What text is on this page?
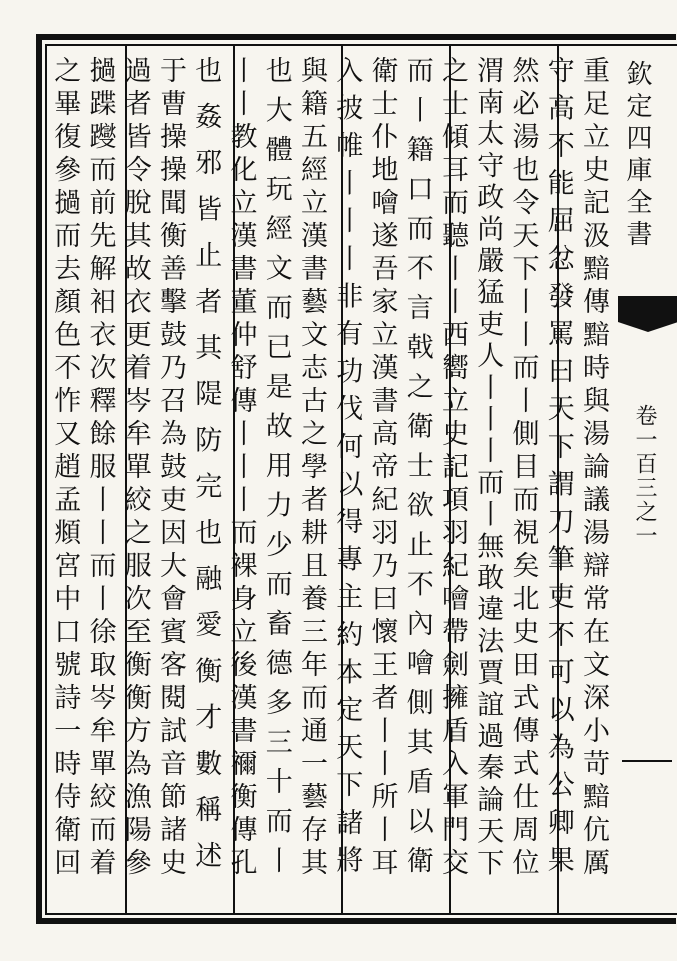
重足立史記汲黯傳黯時與湯論議湯辯常在文深小苛黯伉厲
守高不能屈忿發罵曰天下謂刀筆吏不可以為公卿果
然必湯也令天下丨丨而丨側目而視矣北史田式傳式仕周位
渭南太守政尚嚴猛吏人丨丨丨而丨無敢違法賈誼過秦論天下
之士傾耳而聽丨丨西嚮立史記項羽紀噲帶劍擁盾入軍門交
而丨籍口而不言戟之衛士欲止不內噲側其盾以衛
衛士仆地噲遂吾家立漢書高帝紀羽乃曰懷王者丨丨所丨耳
入披帷丨丨丨非有功伐何以得專主約本定天下諸將
與籍五經立漢書藝文志古之學者耕且養三年而通一藝存其
也大體玩經文而已是故用力少而畜德多三十而丨
丨丨教化立漢書董仲舒傳丨丨丨而裸身立後漢書禰衡傳孔
也姦邪皆止者其隄防完也融愛衡才數稱述
于曹操操聞衡善擊鼓乃召為鼓吏因大會賓客閱試音節諸史
過者皆令脫其故衣更着岑牟單絞之服次至衡衡方為漁陽參
撾蹀躞而前先解衵衣次釋餘服丨丨而丨徐取岑牟單絞而着
之畢復參撾而去顏色不怍又趙孟頫宮中口號詩一時侍衛回	欽定四庫全書
卷一百三之一
